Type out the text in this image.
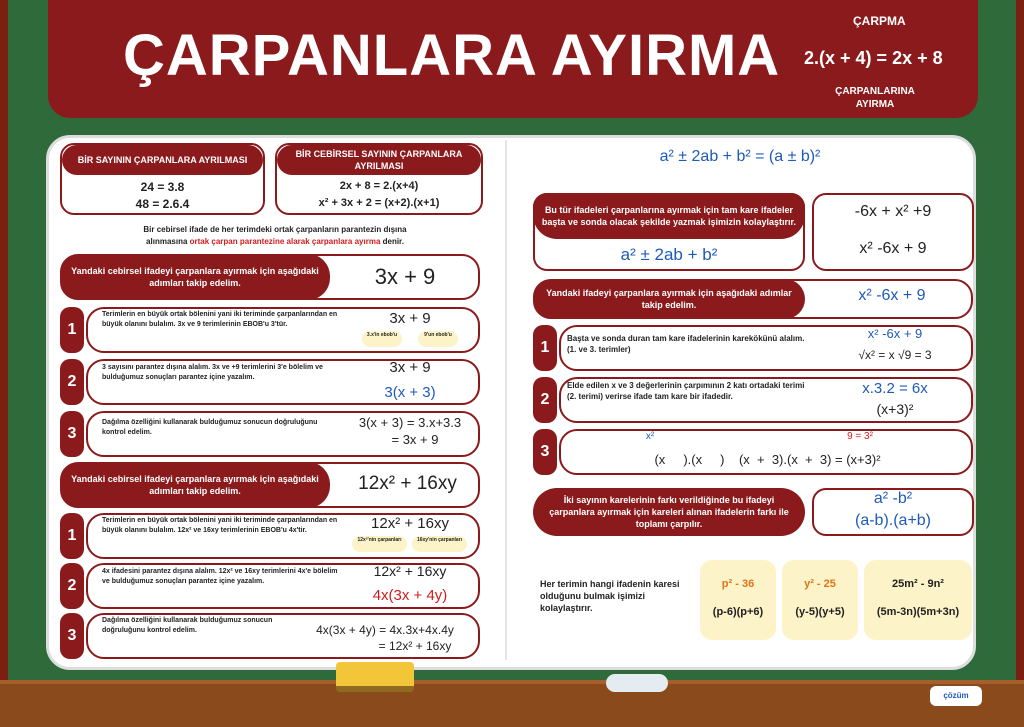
ÇARPANLARA AYIRMA
ÇARPMA
2.(x + 4) = 2x + 8
ÇARPANLARINA AYIRMA
BİR SAYININ ÇARPANLARA AYRILMASI
24 = 3.8
48 = 2.6.4
BİR CEBİRSEL SAYININ ÇARPANLARA AYRILMASI
2x + 8 = 2.(x+4)
x² + 3x + 2 = (x+2).(x+1)
Bir cebirsel ifade de her terimdeki ortak çarpanların parantezin dışına
alınmasına ortak çarpan parantezine alarak çarpanlara ayırma denir.
Yandaki cebirsel ifadeyi çarpanlara ayırmak için aşağıdaki adımları takip edelim.	3x + 9
1
Terimlerin en büyük ortak bölenini yani iki teriminde çarpanlarından en büyük olanını bulalım. 3x ve 9 terimlerinin EBOB'u 3'tür.	3x + 9
3.x'in ebob'u	9'un ebob'u
2
3 sayısını parantez dışına alalım. 3x ve +9 terimlerini 3'e bölelim ve bulduğumuz sonuçları parantez içine yazalım.
3x + 9
3(x + 3)
3
Dağılma özelliğini kullanarak bulduğumuz sonucun doğruluğunu kontrol edelim.
3(x + 3) = 3.x+3.3
= 3x + 9
Yandaki cebirsel ifadeyi çarpanlara ayırmak için aşağıdaki adımları takip edelim.	12x² + 16xy
1
Terimlerin en büyük ortak bölenini yani iki teriminde çarpanlarından en büyük olanını bulalım. 12x² ve 16xy terimlerinin EBOB'u 4x'tir.	12x² + 16xy
12x²'nin çarpanları	16xy'nin çarpanları
2
4x ifadesini parantez dışına alalım. 12x² ve 16xy terimlerini 4x'e bölelim ve bulduğumuz sonuçları parantez içine yazalım.
12x² + 16xy
4x(3x + 4y)
3
Dağılma özelliğini kullanarak bulduğumuz sonucun doğruluğunu kontrol edelim.	4x(3x + 4y) = 4x.3x+4x.4y
= 12x² + 16xy
a² ± 2ab + b² = (a ± b)²
Bu tür ifadeleri çarpanlarına ayırmak için tam kare ifadeler başta ve sonda olacak şekilde yazmak işimizin kolaylaştırır.
a² ± 2ab + b²
-6x + x² +9
x² -6x + 9
Yandaki ifadeyi çarpanlara ayırmak için aşağıdaki adımlar takip edelim.
x² -6x + 9
1
Başta ve sonda duran tam kare ifadelerinin karekökünü alalım. (1. ve 3. terimler)
x² -6x + 9
√x² = x √9 = 3
2
Elde edilen x ve 3 değerlerinin çarpımının 2 katı ortadaki terimi (2. terimi) verirse ifade tam kare bir ifadedir.	x.3.2 = 6x
(x+3)²
3
x²	9 = 3²
(x     ).(x     )    (x  +  3).(x  +  3) = (x+3)²
İki sayının karelerinin farkı verildiğinde bu ifadeyi çarpanlara ayırmak için kareleri alınan ifadelerin farkı ile toplamı çarpılır.
a² -b²
(a-b).(a+b)
Her terimin hangi ifadenin karesi olduğunu bulmak işimizi kolaylaştırır.
p² - 36
(p-6)(p+6)
y² - 25
(y-5)(y+5)
25m² - 9n²
(5m-3n)(5m+3n)
çözüm
